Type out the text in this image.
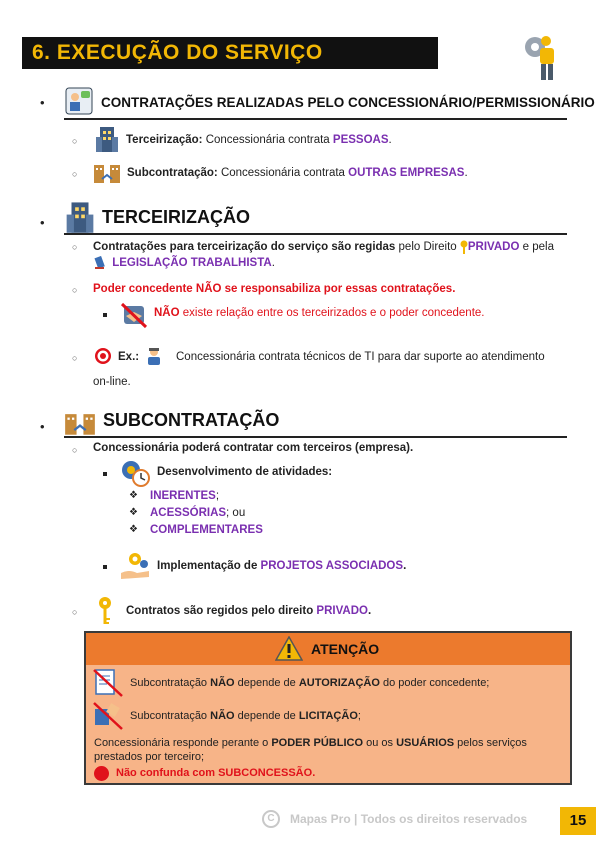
6. EXECUÇÃO DO SERVIÇO
•	CONTRATAÇÕES REALIZADAS PELO CONCESSIONÁRIO/PERMISSIONÁRIO
○	Terceirização: Concessionária contrata PESSOAS.
○	Subcontratação: Concessionária contrata OUTRAS EMPRESAS.
•	TERCEIRIZAÇÃO
○ Contratações para terceirização do serviço são regidas pelo Direito PRIVADO e pela
LEGISLAÇÃO TRABALHISTA.
○ Poder concedente NÃO se responsabiliza por essas contratações.
NÃO existe relação entre os terceirizados e o poder concedente.
○	Ex.:	Concessionária contrata técnicos de TI para dar suporte ao atendimento
on-line.
•	SUBCONTRATAÇÃO
○ Concessionária poderá contratar com terceiros (empresa).
Desenvolvimento de atividades:
❖ INERENTES;
❖ ACESSÓRIAS; ou
❖ COMPLEMENTARES
Implementação de PROJETOS ASSOCIADOS.
○	Contratos são regidos pelo direito PRIVADO.
ATENÇÃO
Subcontratação NÃO depende de AUTORIZAÇÃO do poder concedente;
Subcontratação NÃO depende de LICITAÇÃO;
Concessionária responde perante o PODER PÚBLICO ou os USUÁRIOS pelos serviços
prestados por terceiro;
Não confunda com SUBCONCESSÃO.
C	Mapas Pro | Todos os direitos reservados	15
